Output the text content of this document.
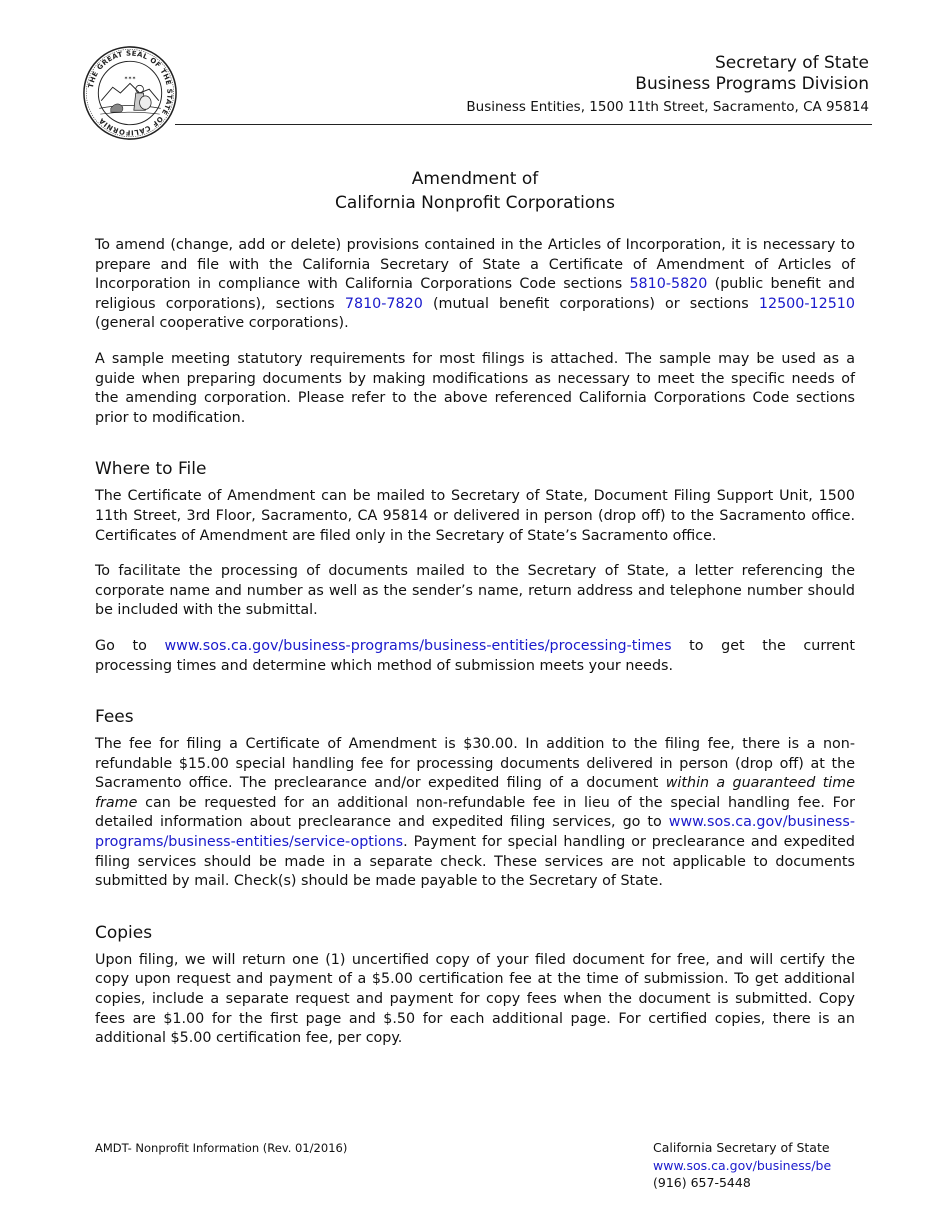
THE GREAT SEAL OF THE STATE OF CALIFORNIA
✶✶✶
Secretary of State
Business Programs Division
Business Entities, 1500 11th Street, Sacramento, CA 95814
Amendment of
California Nonprofit Corporations

To amend (change, add or delete) provisions contained in the Articles of Incorporation, it is necessary to prepare and file with the California Secretary of State a Certificate of Amendment of Articles of Incorporation in compliance with California Corporations Code sections 5810-5820 (public benefit and religious corporations), sections 7810-7820 (mutual benefit corporations) or sections 12500-12510 (general cooperative corporations).

A sample meeting statutory requirements for most filings is attached. The sample may be used as a guide when preparing documents by making modifications as necessary to meet the specific needs of the amending corporation. Please refer to the above referenced California Corporations Code sections prior to modification.

Where to File

The Certificate of Amendment can be mailed to Secretary of State, Document Filing Support Unit, 1500 11th Street, 3rd Floor, Sacramento, CA 95814 or delivered in person (drop off) to the Sacramento office. Certificates of Amendment are filed only in the Secretary of State’s Sacramento office.

To facilitate the processing of documents mailed to the Secretary of State, a letter referencing the corporate name and number as well as the sender’s name, return address and telephone number should be included with the submittal.

Go to www.sos.ca.gov/business-programs/business-entities/processing-times to get the current processing times and determine which method of submission meets your needs.

Fees

The fee for filing a Certificate of Amendment is $30.00. In addition to the filing fee, there is a non-refundable $15.00 special handling fee for processing documents delivered in person (drop off) at the Sacramento office. The preclearance and/or expedited filing of a document within a guaranteed time frame can be requested for an additional non-refundable fee in lieu of the special handling fee. For detailed information about preclearance and expedited filing services, go to www.sos.ca.gov/business-programs/business-entities/service-options. Payment for special handling or preclearance and expedited filing services should be made in a separate check. These services are not applicable to documents submitted by mail. Check(s) should be made payable to the Secretary of State.

Copies

Upon filing, we will return one (1) uncertified copy of your filed document for free, and will certify the copy upon request and payment of a $5.00 certification fee at the time of submission. To get additional copies, include a separate request and payment for copy fees when the document is submitted. Copy fees are $1.00 for the first page and $.50 for each additional page. For certified copies, there is an additional $5.00 certification fee, per copy.

AMDT- Nonprofit Information (Rev. 01/2016)	California Secretary of State
www.sos.ca.gov/business/be
(916) 657-5448
